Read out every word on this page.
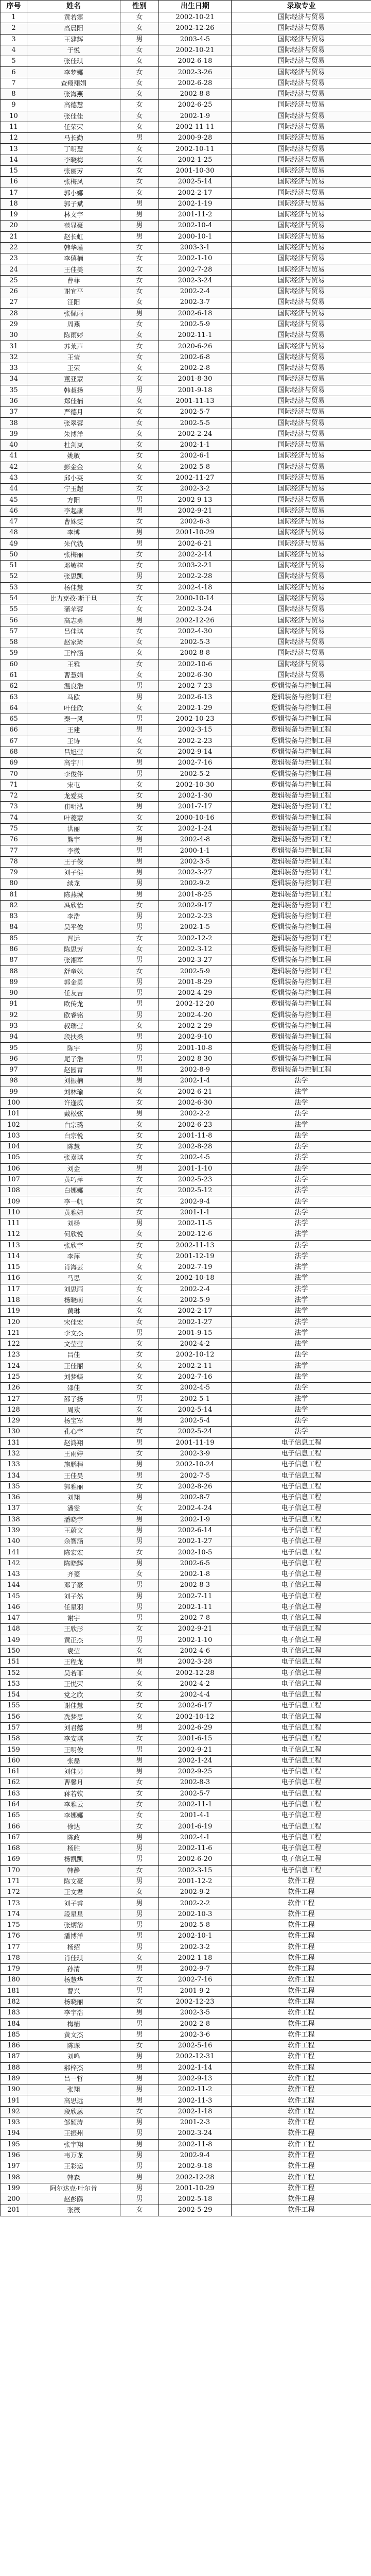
序号	姓名	性别	出生日期	录取专业
1	黄若寒	女	2002-10-21	国际经济与贸易
2	高晨阳	女	2002-12-26	国际经济与贸易
3	王建辉	男	2003-4-5	国际经济与贸易
4	于悦	女	2002-10-21	国际经济与贸易
5	张佳琪	女	2002-6-18	国际经济与贸易
6	李梦娜	女	2002-3-26	国际经济与贸易
7	查翔翔娟	女	2002-6-28	国际经济与贸易
8	张海燕	女	2002-8-8	国际经济与贸易
9	高德慧	女	2002-6-25	国际经济与贸易
10	张佳佳	女	2002-1-9	国际经济与贸易
11	任荣荣	女	2002-11-11	国际经济与贸易
12	马长勤	男	2000-9-28	国际经济与贸易
13	丁明慧	女	2002-10-11	国际经济与贸易
14	李晓梅	女	2002-1-25	国际经济与贸易
15	张丽芳	女	2001-10-30	国际经济与贸易
16	张梅凤	女	2002-5-14	国际经济与贸易
17	郭小娜	女	2002-2-17	国际经济与贸易
18	郭子斌	男	2002-1-19	国际经济与贸易
19	林文宇	男	2001-11-2	国际经济与贸易
20	范显豪	男	2002-10-4	国际经济与贸易
21	赵长虹	男	2000-10-1	国际经济与贸易
22	韩华瑾	女	2003-3-1	国际经济与贸易
23	李僖楠	女	2002-1-10	国际经济与贸易
24	王佳美	女	2002-7-28	国际经济与贸易
25	曹菲	女	2002-3-24	国际经济与贸易
26	谢宜平	女	2002-2-4	国际经济与贸易
27	汪阳	女	2002-3-7	国际经济与贸易
28	张佩雨	男	2002-6-18	国际经济与贸易
29	周燕	女	2002-5-9	国际经济与贸易
30	陈雨婷	女	2002-11-1	国际经济与贸易
31	苏莱声	女	2020-6-26	国际经济与贸易
32	王莹	女	2002-6-8	国际经济与贸易
33	王荣	女	2002-2-8	国际经济与贸易
34	董亚蒙	女	2001-8-30	国际经济与贸易
35	韩叔扬	男	2001-9-18	国际经济与贸易
36	郑佳楠	女	2001-11-13	国际经济与贸易
37	严德月	女	2002-5-7	国际经济与贸易
38	张翠蓉	女	2002-5-5	国际经济与贸易
39	朱博洋	女	2002-2-24	国际经济与贸易
40	杜剑岚	女	2002-1-1	国际经济与贸易
41	姚敏	女	2002-6-1	国际经济与贸易
42	彭金金	女	2002-5-8	国际经济与贸易
43	邱小英	女	2002-11-27	国际经济与贸易
44	宁玉超	女	2002-3-2	国际经济与贸易
45	方阳	男	2002-9-13	国际经济与贸易
46	李起康	男	2002-9-21	国际经济与贸易
47	曹姝雯	女	2002-6-3	国际经济与贸易
48	李博	男	2001-10-29	国际经济与贸易
49	朱代钱	男	2002-6-21	国际经济与贸易
50	张梅丽	女	2002-2-14	国际经济与贸易
51	邓敏榕	女	2003-2-21	国际经济与贸易
52	张思凯	男	2002-2-28	国际经济与贸易
53	杨佳慧	女	2002-4-18	国际经济与贸易
54	比力克孜·斯干旦	女	2000-10-14	国际经济与贸易
55	蒲苹蓉	女	2002-3-24	国际经济与贸易
56	高志勇	男	2002-12-26	国际经济与贸易
57	吕佳琪	女	2002-4-30	国际经济与贸易
58	赵家琦	女	2002-5-3	国际经济与贸易
59	王梓涵	女	2002-8-8	国际经济与贸易
60	王雅	女	2002-10-6	国际经济与贸易
61	曹慧娟	女	2002-6-30	国际经济与贸易
62	温良浩	男	2002-7-23	逻辑装备与控制工程
63	马欧	男	2002-6-13	逻辑装备与控制工程
64	叶佳欣	女	2002-1-29	逻辑装备与控制工程
65	秦一风	男	2002-10-23	逻辑装备与控制工程
66	王建	男	2002-3-15	逻辑装备与控制工程
67	王诗	女	2002-2-23	逻辑装备与控制工程
68	吕旭莹	女	2002-9-14	逻辑装备与控制工程
69	高宇川	男	2002-7-16	逻辑装备与控制工程
70	李俊伴	男	2002-5-2	逻辑装备与控制工程
71	宋屯	女	2002-10-30	逻辑装备与控制工程
72	龙爱英	女	2002-1-30	逻辑装备与控制工程
73	崔明泓	男	2001-7-17	逻辑装备与控制工程
74	叶菱蒙	女	2000-10-16	逻辑装备与控制工程
75	洪丽	女	2002-1-24	逻辑装备与控制工程
76	熊宇	男	2002-4-8	逻辑装备与控制工程
77	李微	男	2000-1-1	逻辑装备与控制工程
78	王子俊	男	2002-3-5	逻辑装备与控制工程
79	刘子健	男	2002-3-27	逻辑装备与控制工程
80	续龙	男	2002-9-2	逻辑装备与控制工程
81	陈燕城	男	2001-8-25	逻辑装备与控制工程
82	冯欣怡	女	2002-9-17	逻辑装备与控制工程
83	李浩	男	2002-2-23	逻辑装备与控制工程
84	吴平俊	男	2002-1-5	逻辑装备与控制工程
85	晋远	女	2002-12-2	逻辑装备与控制工程
86	陈思芳	女	2002-3-12	逻辑装备与控制工程
87	张湘军	男	2002-3-27	逻辑装备与控制工程
88	舒童姝	女	2002-5-9	逻辑装备与控制工程
89	郭金勇	男	2001-8-29	逻辑装备与控制工程
90	任友吉	男	2002-4-29	逻辑装备与控制工程
91	欧传龙	男	2002-12-20	逻辑装备与控制工程
92	欧睿铭	男	2002-4-20	逻辑装备与控制工程
93	叔瑞莹	女	2002-2-29	逻辑装备与控制工程
94	段扶桑	男	2002-9-10	逻辑装备与控制工程
95	陈宇	男	2001-10-8	逻辑装备与控制工程
96	尾子浩	男	2002-8-30	逻辑装备与控制工程
97	赵园青	男	2002-8-9	逻辑装备与控制工程
98	刘振楠	男	2002-1-4	法学
99	刘林瑜	女	2002-6-21	法学
100	许逢威	女	2002-6-30	法学
101	戴松弦	男	2002-2-2	法学
102	白宗璐	女	2002-6-23	法学
103	白宗悦	女	2001-11-8	法学
104	陈慧	女	2002-8-28	法学
105	张嘉琪	女	2002-4-5	法学
106	刘金	男	2001-1-10	法学
107	黄巧萍	女	2002-5-23	法学
108	白娜娜	女	2002-5-12	法学
109	李一帆	女	2002-9-4	法学
110	黄雅婧	女	2001-1-1	法学
111	刘杨	男	2002-11-5	法学
112	何欣悦	女	2002-12-6	法学
113	张欣宇	女	2002-11-13	法学
114	李萍	女	2001-12-19	法学
115	肖海芸	女	2002-7-19	法学
116	马思	女	2002-10-18	法学
117	刘思雨	女	2002-2-4	法学
118	杨晓萌	女	2002-5-9	法学
119	黄琳	女	2002-2-17	法学
120	宋佳宏	女	2002-1-27	法学
121	李文杰	男	2001-9-15	法学
122	文莹莹	女	2002-4-2	法学
123	吕佳	女	2002-10-12	法学
124	王佳丽	女	2002-2-11	法学
125	刘梦蝶	女	2002-7-16	法学
126	邵佳	女	2002-4-5	法学
127	邵子扬	男	2002-5-1	法学
128	周欢	女	2002-5-14	法学
129	杨宝军	男	2002-5-4	法学
130	孔心宇	女	2002-5-24	法学
131	赵鸿翔	男	2001-11-19	电子信息工程
132	王雨婷	女	2002-3-9	电子信息工程
133	施鹏程	男	2002-10-24	电子信息工程
134	王佳昊	男	2002-7-5	电子信息工程
135	郭雅丽	女	2002-8-26	电子信息工程
136	刘翔	男	2002-8-7	电子信息工程
137	潘雯	女	2002-4-24	电子信息工程
138	潘晓宇	男	2002-1-9	电子信息工程
139	王蔚文	男	2002-6-14	电子信息工程
140	余智涵	男	2002-1-27	电子信息工程
141	陈宏宏	女	2002-10-5	电子信息工程
142	陈晓辉	男	2002-6-5	电子信息工程
143	齐菱	女	2002-1-8	电子信息工程
144	邓子豪	男	2002-8-3	电子信息工程
145	刘子然	男	2002-7-11	电子信息工程
146	任星羽	男	2002-1-11	电子信息工程
147	谢宇	男	2002-7-8	电子信息工程
148	王欣彤	女	2002-9-21	电子信息工程
149	黄正杰	男	2002-1-10	电子信息工程
150	袁莹	女	2002-4-6	电子信息工程
151	王程龙	男	2002-3-28	电子信息工程
152	吴若菲	女	2002-12-28	电子信息工程
153	王悦荣	女	2002-4-2	电子信息工程
154	党之欣	女	2002-4-4	电子信息工程
155	谢佳慧	女	2002-6-17	电子信息工程
156	冼梦思	女	2002-10-12	电子信息工程
157	刘君懿	男	2002-6-29	电子信息工程
158	李安琪	女	2001-6-15	电子信息工程
159	王明俊	男	2002-9-21	电子信息工程
160	张磊	男	2002-1-24	电子信息工程
161	刘佳男	男	2002-9-25	电子信息工程
162	曹馨月	女	2002-8-3	电子信息工程
163	蒋若钦	女	2002-5-7	电子信息工程
164	李雅云	女	2002-11-1	电子信息工程
165	李娜娜	女	2001-4-1	电子信息工程
166	徐达	女	2001-6-19	电子信息工程
167	陈政	男	2002-4-1	电子信息工程
168	杨胜	男	2002-11-6	电子信息工程
169	杨凯凯	男	2002-6-20	电子信息工程
170	韩静	女	2002-3-15	电子信息工程
171	陈文豪	男	2001-12-2	软件工程
172	王文君	女	2002-9-2	软件工程
173	刘子睿	男	2002-2-2	软件工程
174	段星星	男	2002-10-3	软件工程
175	张炳溶	男	2002-5-8	软件工程
176	潘博洋	男	2002-10-1	软件工程
177	杨绍	男	2002-3-2	软件工程
178	肖佳琪	女	2002-1-18	软件工程
179	孙清	男	2002-9-7	软件工程
180	杨慧华	女	2002-7-16	软件工程
181	曹兴	男	2001-9-2	软件工程
182	杨晓丽	女	2002-12-23	软件工程
183	李宇浩	男	2002-3-5	软件工程
184	梅楠	男	2002-2-8	软件工程
185	黄文杰	男	2002-3-6	软件工程
186	陈琛	女	2002-5-16	软件工程
187	刘鸣	男	2002-12-31	软件工程
188	郝梓杰	男	2002-1-14	软件工程
189	吕一哲	男	2002-9-13	软件工程
190	张翔	男	2002-11-2	软件工程
191	高思远	男	2002-11-3	软件工程
192	段欣蕊	女	2002-1-18	软件工程
193	邹颖涛	男	2001-2-3	软件工程
194	王振州	男	2002-3-24	软件工程
195	张宇翔	男	2002-11-8	软件工程
196	韦万龙	男	2002-9-4	软件工程
197	王彩运	男	2002-9-18	软件工程
198	韩森	男	2002-12-28	软件工程
199	阿尔达克·叶尔肯	男	2001-10-29	软件工程
200	赵彭鸥	男	2002-5-18	软件工程
201	张薇	女	2002-5-29	软件工程
